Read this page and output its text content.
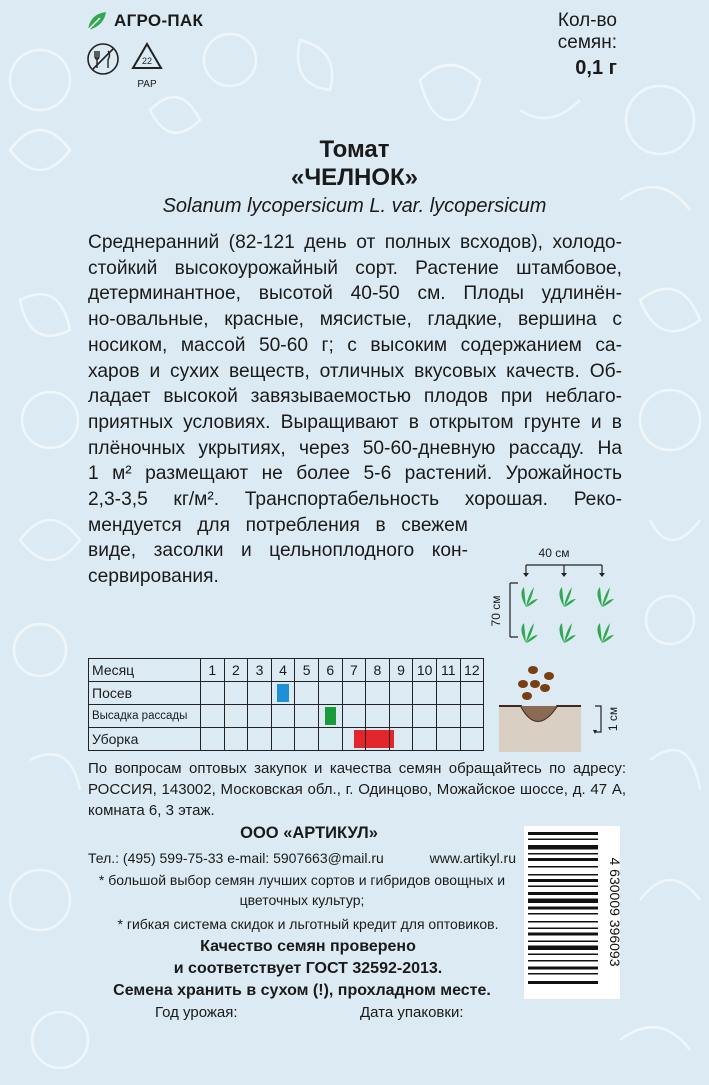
АГРО-ПАК
22
PAP
Кол-во
семян:
0,1 г
Томат
«ЧЕЛНОК»
Solanum lycopersicum L. var. lycopersicum
Среднеранний (82-121 день от полных всходов), холодо-
стойкий высокоурожайный сорт. Растение штамбовое,
детерминантное, высотой 40-50 см. Плоды удлинён-
но-овальные, красные, мясистые, гладкие, вершина с
носиком, массой 50-60 г; с высоким содержанием са-
харов и сухих веществ, отличных вкусовых качеств. Об-
ладает высокой завязываемостью плодов при неблаго-
приятных условиях. Выращивают в открытом грунте и в
плёночных укрытиях, через 50-60-дневную рассаду. На
1 м² размещают не более 5-6 растений. Урожайность
2,3-3,5 кг/м². Транспортабельность хорошая. Реко-
мендуется для потребления в свежем
виде, засолки и цельноплодного кон-
сервирования.
40 см
70 см
Месяц	1	2	3	4	5	6	7	8	9	10	11	12
Посев				

Высадка рассады						

Уборка							

1 см
По вопросам оптовых закупок и качества семян обращайтесь по адресу: РОССИЯ, 143002, Московская обл., г. Одинцово, Можайское шоссе, д. 47 А, комната 6, 3 этаж.
ООО «АРТИКУЛ»
Тел.: (495) 599-75-33 e-mail: 5907663@mail.ru	www.artikyl.ru
* большой выбор семян лучших сортов и гибридов овощных и цветочных культур;
* гибкая система скидок и льготный кредит для оптовиков.
Качество семян проверено
и соответствует ГОСТ 32592-2013.
Семена хранить в сухом (!), прохладном месте.
Год урожая:	Дата упаковки:
4 630009 396093
